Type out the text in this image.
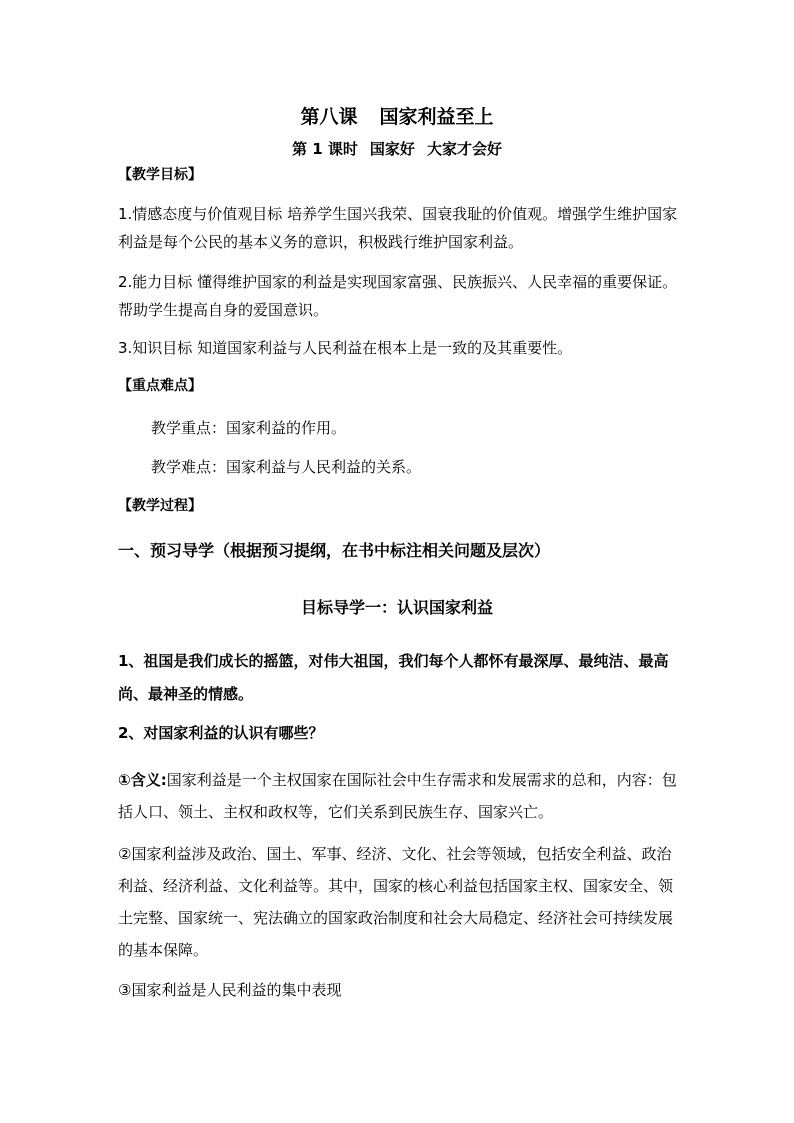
第八课 国家利益至上
第 1 课时 国家好 大家才会好
【教学目标】

1.情感态度与价值观目标 培养学生国兴我荣、国衰我耻的价值观。增强学生维护国家利益是每个公民的基本义务的意识，积极践行维护国家利益。

2.能力目标 懂得维护国家的利益是实现国家富强、民族振兴、人民幸福的重要保证。帮助学生提高自身的爱国意识。

3.知识目标 知道国家利益与人民利益在根本上是一致的及其重要性。

【重点难点】

教学重点：国家利益的作用。

教学难点：国家利益与人民利益的关系。

【教学过程】

一、预习导学（根据预习提纲，在书中标注相关问题及层次）

目标导学一：认识国家利益

1、祖国是我们成长的摇篮，对伟大祖国，我们每个人都怀有最深厚、最纯洁、最高尚、最神圣的情感。

2、对国家利益的认识有哪些？

①含义:国家利益是一个主权国家在国际社会中生存需求和发展需求的总和，内容：包括人口、领土、主权和政权等，它们关系到民族生存、国家兴亡。

②国家利益涉及政治、国土、军事、经济、文化、社会等领域，包括安全利益、政治利益、经济利益、文化利益等。其中，国家的核心利益包括国家主权、国家安全、领土完整、国家统一、宪法确立的国家政治制度和社会大局稳定、经济社会可持续发展的基本保障。

③国家利益是人民利益的集中表现
